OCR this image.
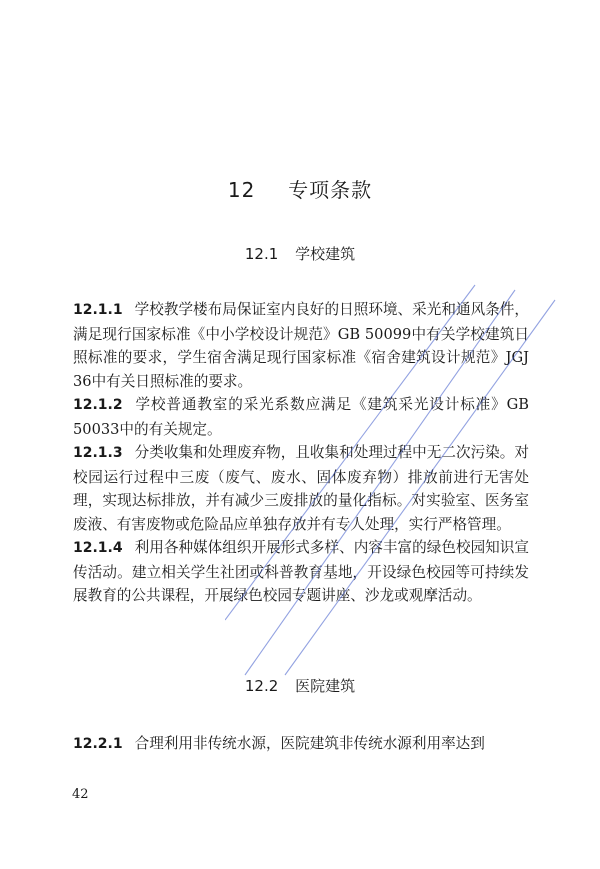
12 专项条款
12.1 学校建筑

12.1.1 学校教学楼布局保证室内良好的日照环境、采光和通风条件，满足现行国家标准《中小学校设计规范》GB 50099中有关学校建筑日照标准的要求，学生宿舍满足现行国家标准《宿舍建筑设计规范》JGJ 36中有关日照标准的要求。

12.1.2 学校普通教室的采光系数应满足《建筑采光设计标准》GB 50033中的有关规定。

12.1.3 分类收集和处理废弃物，且收集和处理过程中无二次污染。对校园运行过程中三废（废气、废水、固体废弃物）排放前进行无害处理，实现达标排放，并有减少三废排放的量化指标。对实验室、医务室废液、有害废物或危险品应单独存放并有专人处理，实行严格管理。

12.1.4 利用各种媒体组织开展形式多样、内容丰富的绿色校园知识宣传活动。建立相关学生社团或科普教育基地，开设绿色校园等可持续发展教育的公共课程，开展绿色校园专题讲座、沙龙或观摩活动。

12.2 医院建筑

12.2.1 合理利用非传统水源，医院建筑非传统水源利用率达到

42
